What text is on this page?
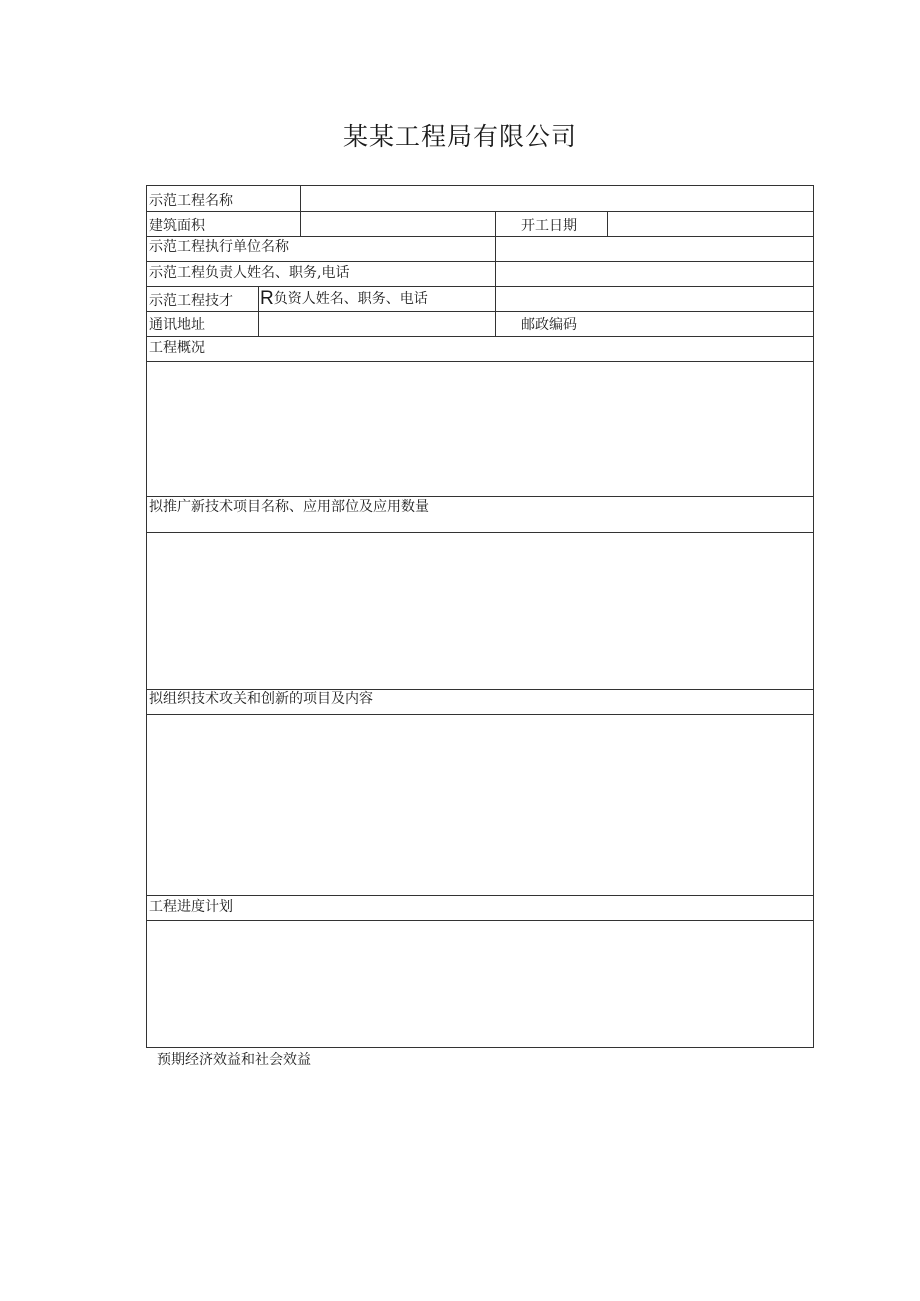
某某工程局有限公司
示范工程名称
建筑面积	开工日期
示范工程执行单位名称
示范工程负责人姓名、职务,电话
示范工程技才 R负资人姓名、职务、电话
通讯地址	邮政编码
工程概况
拟推广新技术项目名称、应用部位及应用数量
拟组织技术攻关和创新的项目及内容
工程进度计划
预期经济效益和社会效益
